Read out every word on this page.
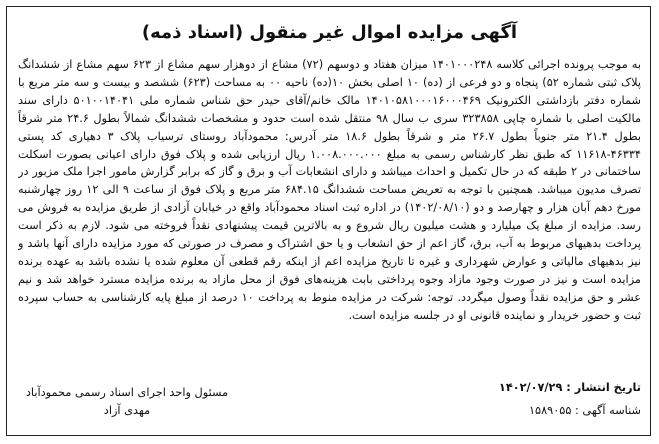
آگهی مزایده اموال غیر منقول (اسناد ذمه)
به موجب پرونده اجرائی کلاسه ۱۴۰۱۰۰۰۲۴۸ میزان هفتاد و دوسهم (۷۲) مشاع از دوهزار سهم مشاع از ۶۲۳ سهم مشاع از ششدانگ پلاک ثبتی شماره ۵۲) پنجاه و دو فرعی از (ده) ۱۰ اصلی بخش ۱۰(ده) ناحیه ۰۰ به مساحت (۶۲۳) ششصد و بیست و سه متر مربع با شماره دفتر بازداشتی الکترونیک ۱۴۰۱۰۵۸۱۰۰۰۱۶۰۰۰۴۶۹ مالک خانم/آقای حیدر حق شناس شماره ملی ۵۰۱۰۰۱۴۰۴۱ دارای سند مالکیت اصلی با شماره چاپی ۳۲۳۸۵۸ سری ب سال ۹۸ منتقل شده است حدود و مشخصات ششدانگ شمالاً بطول ۲۴.۶ متر شرقاً بطول ۲۱.۴ متر جنوباً بطول ۲۶.۷ متر و شرقاً بطول ۱۸.۶ متر آدرس: محمودآباد روستای ترسیاب پلاک ۳ دهیاری کد پستی ۴۶۳۳۴-۱۱۶۱۸ که طبق نظر کارشناس رسمی به مبلغ ۱.۰۰۸.۰۰۰.۰۰۰ ریال ارزیابی شده و پلاک فوق دارای اعیانی بصورت اسکلت ساختمانی در ۲ طبقه که در حال تکمیل و احداث میباشد و دارای انشعابات آب و برق و گاز که برابر گزارش مامور اجرا ملک مزبور در تصرف مدیون میباشد. همچنین با توجه به تعریض مساحت ششدانگ ۶۸۴.۱۵ متر مربع و پلاک فوق از ساعت ۹ الی ۱۲ روز چهارشنبه مورخ دهم آبان هزار و چهارصد و دو (۱۴۰۲/۰۸/۱۰) در اداره ثبت اسناد محمودآباد واقع در خیابان آزادی از طریق مزایده به فروش می رسد. مزایده از مبلغ یک میلیارد و هشت میلیون ریال شروع و به بالاترین قیمت پیشنهادی نقداً فروخته می شود. لازم به ذکر است پرداخت بدهیهای مربوط به آب، برق، گاز اعم از حق انشعاب و یا حق اشتراک و مصرف در صورتی که مورد مزایده دارای آنها باشد و نیز بدهیهای مالیاتی و عوارض شهرداری و غیره تا تاریخ مزایده اعم از اینکه رقم قطعی آن معلوم شده یا نشده باشد به عهده برنده مزایده است و نیز در صورت وجود مازاد وجوه پرداختی بابت هزینه‌های فوق از محل مازاد به برنده مزایده مسترد خواهد شد و نیم عشر و حق مزایده نقداً وصول میگردد. توجه: شرکت در مزایده منوط به پرداخت ۱۰ درصد از مبلغ پایه کارشناسی به حساب سپرده ثبت و حضور خریدار و نماینده قانونی او در جلسه مزایده است.
تاریخ انتشار : ۱۴۰۲/۰۷/۲۹
شناسه آگهی : ۱۵۸۹۰۵۵
مسئول واحد اجرای اسناد رسمی محمودآباد
مهدی آزاد
